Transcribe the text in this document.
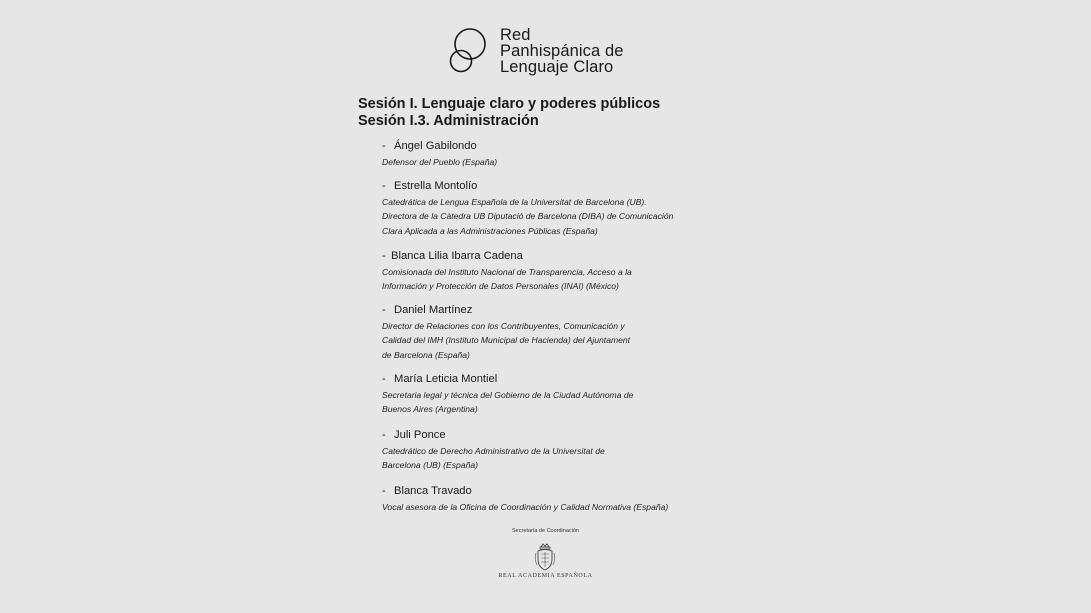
Red
Panhispánica de
Lenguaje Claro
Sesión I. Lenguaje claro y poderes públicos
Sesión I.3. Administración
- Ángel Gabilondo
Defensor del Pueblo (España)
- Estrella Montolío
Catedrática de Lengua Española de la Universitat de Barcelona (UB).
Directora de la Càtedra UB Diputació de Barcelona (DIBA) de Comunicación
Clara Aplicada a las Administraciones Públicas (España)
- Blanca Lilia Ibarra Cadena
Comisionada del Instituto Nacional de Transparencia, Acceso a la
Información y Protección de Datos Personales (INAI) (México)
- Daniel Martínez
Director de Relaciones con los Contribuyentes, Comunicación y
Calidad del IMH (Instituto Municipal de Hacienda) del Ajuntament
de Barcelona (España)
- María Leticia Montiel
Secretaria legal y técnica del Gobierno de la Ciudad Autónoma de
Buenos Aires (Argentina)
- Juli Ponce
Catedrático de Derecho Administrativo de la Universitat de
Barcelona (UB) (España)
- Blanca Travado
Vocal asesora de la Oficina de Coordinación y Calidad Normativa (España)
Secretaría de Coordinación
REAL ACADEMIA ESPAÑOLA
